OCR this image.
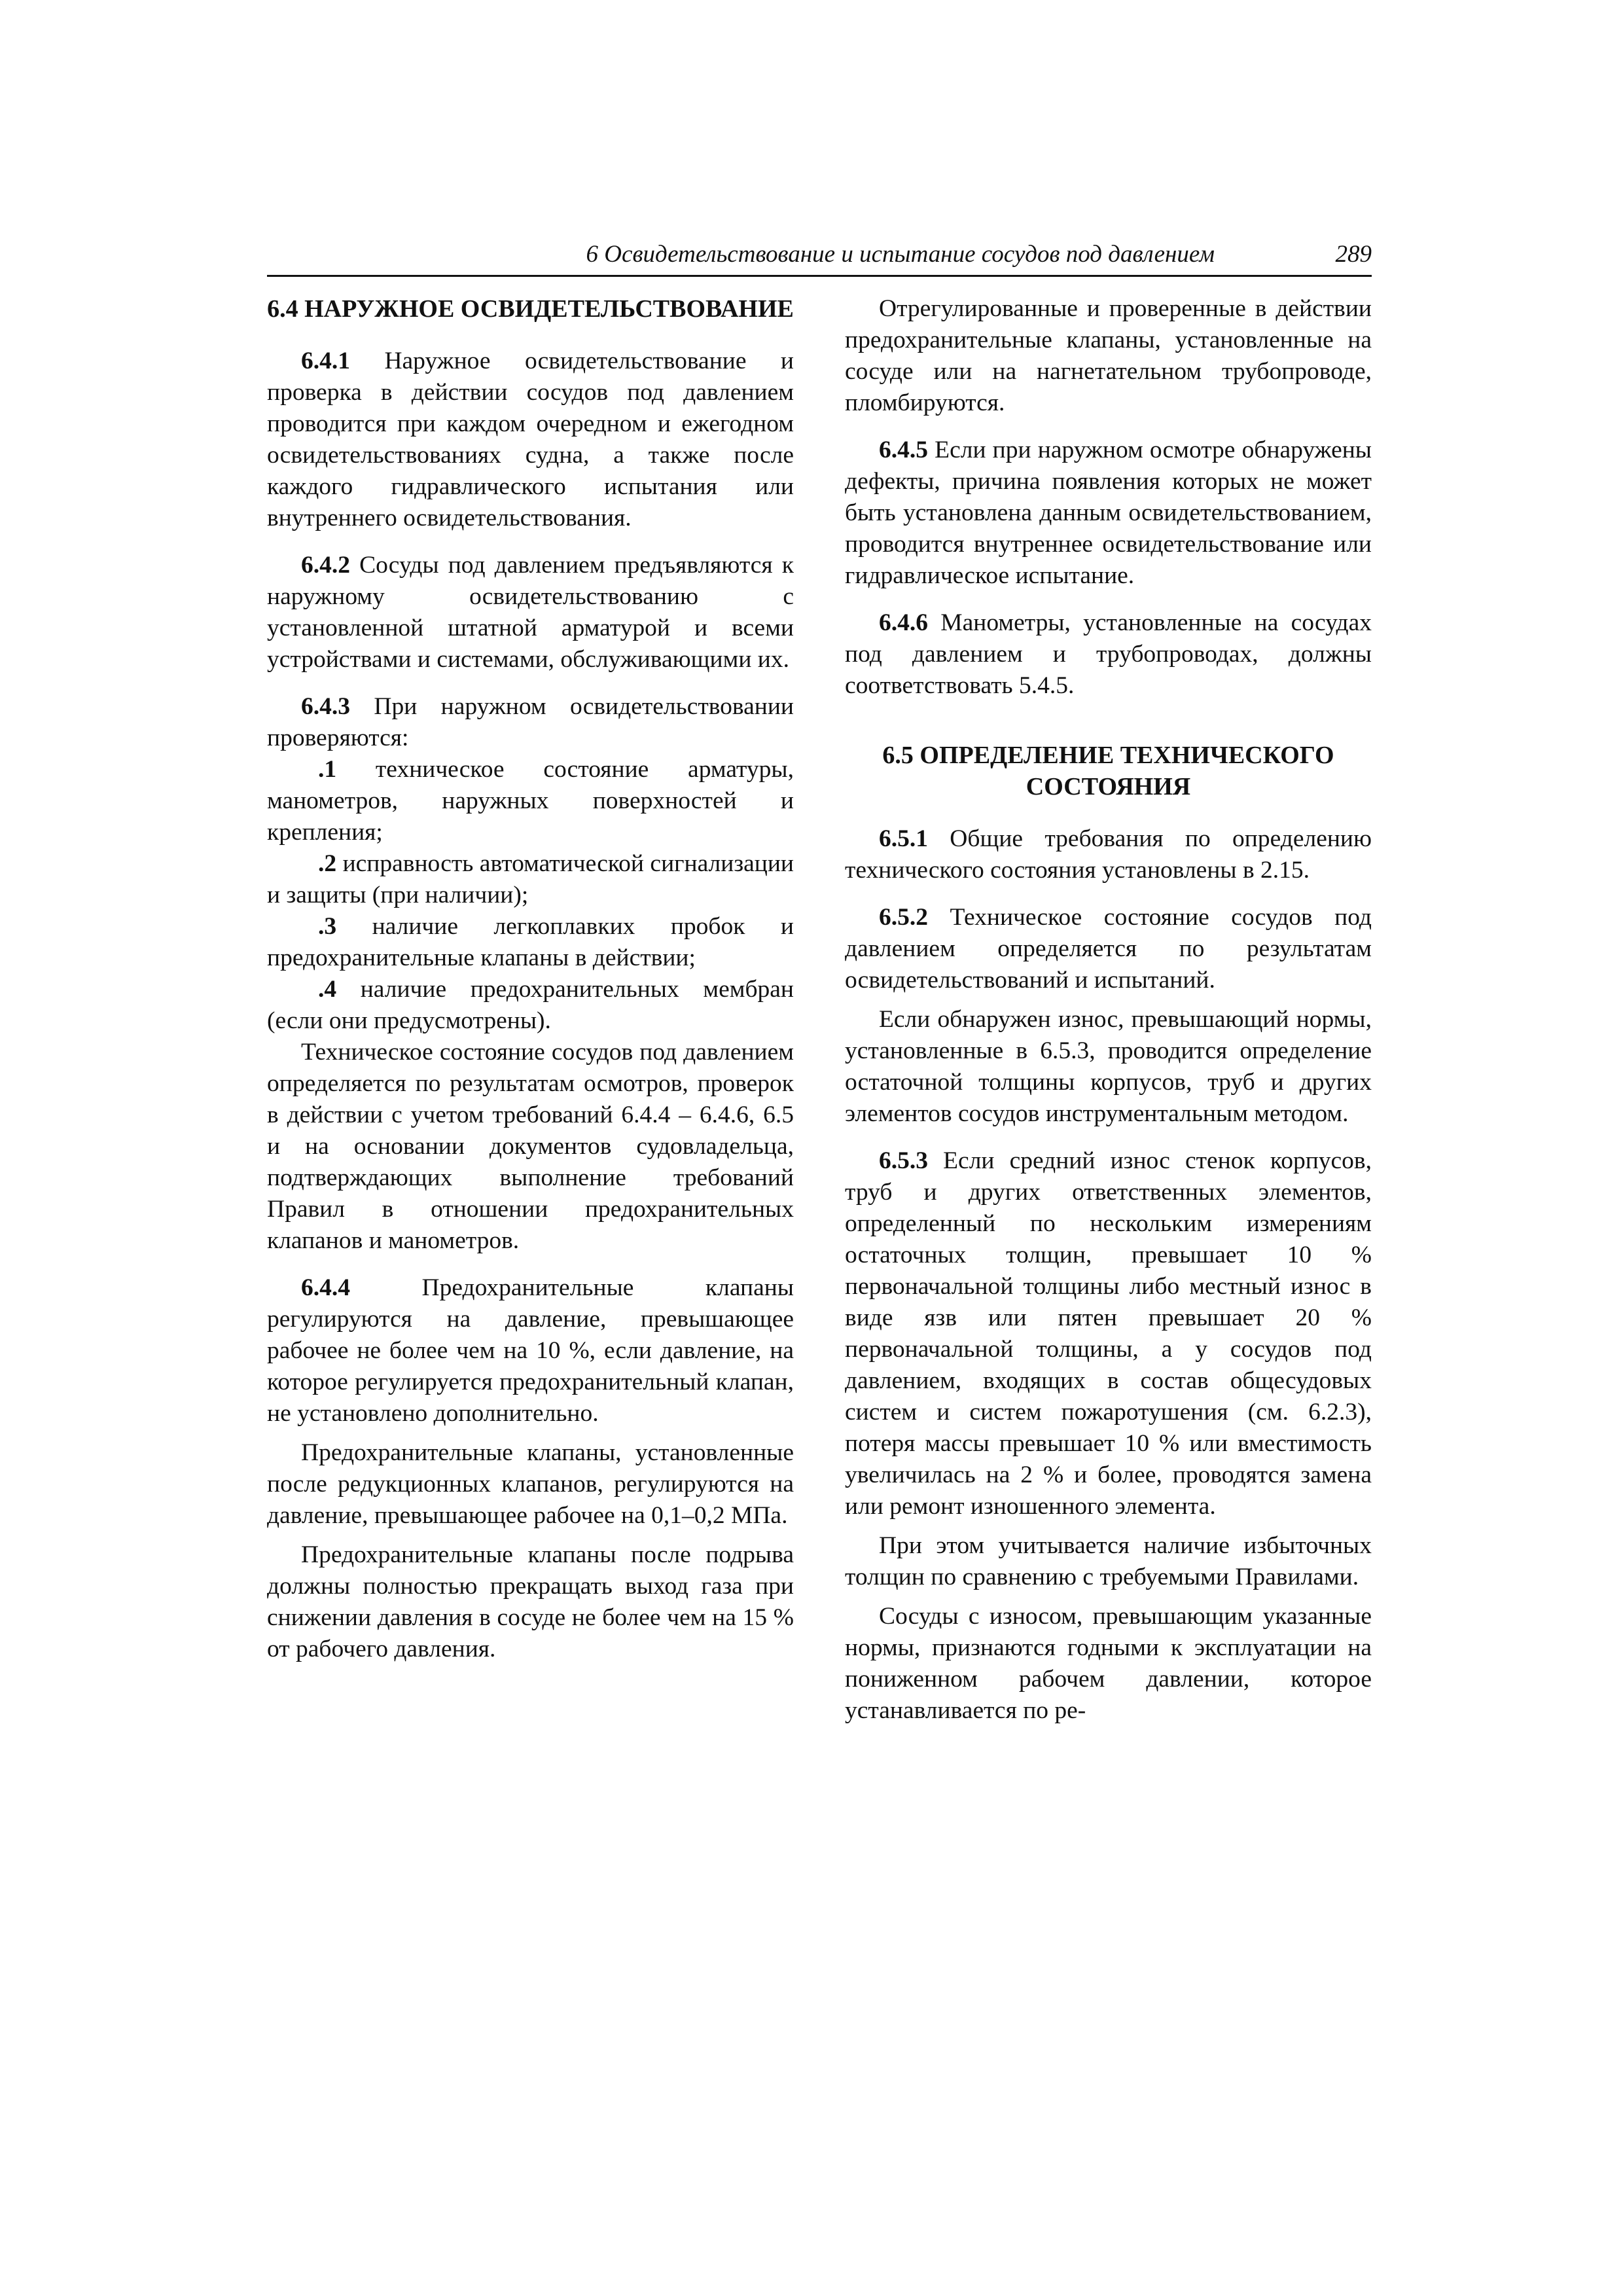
6 Освидетельствование и испытание сосудов под давлением	289
6.4 НАРУЖНОЕ ОСВИДЕТЕЛЬСТВОВАНИЕ

6.4.1 Наружное освидетельствование и проверка в действии сосудов под давлением проводится при каждом очередном и ежегодном освидетельствованиях судна, а также после каждого гидравлического испытания или внутреннего освидетельствования.

6.4.2 Сосуды под давлением предъявляются к наружному освидетельствованию с установленной штатной арматурой и всеми устройствами и системами, обслуживающими их.

6.4.3 При наружном освидетельствовании проверяются:

.1 техническое состояние арматуры, манометров, наружных поверхностей и крепления;

.2 исправность автоматической сигнализации и защиты (при наличии);

.3 наличие легкоплавких пробок и предохранительные клапаны в действии;

.4 наличие предохранительных мембран (если они предусмотрены).

Техническое состояние сосудов под давлением определяется по результатам осмотров, проверок в действии с учетом требований 6.4.4 – 6.4.6, 6.5 и на основании документов судовладельца, подтверждающих выполнение требований Правил в отношении предохранительных клапанов и манометров.

6.4.4 Предохранительные клапаны регулируются на давление, превышающее рабочее не более чем на 10 %, если давление, на которое регулируется предохранительный клапан, не установлено дополнительно.

Предохранительные клапаны, установленные после редукционных клапанов, регулируются на давление, превышающее рабочее на 0,1–0,2 МПа.

Предохранительные клапаны после подрыва должны полностью прекращать выход газа при снижении давления в сосуде не более чем на 15 % от рабочего давления.

Отрегулированные и проверенные в действии предохранительные клапаны, установленные на сосуде или на нагнетательном трубопроводе, пломбируются.

6.4.5 Если при наружном осмотре обнаружены дефекты, причина появления которых не может быть установлена данным освидетельствованием, проводится внутреннее освидетельствование или гидравлическое испытание.

6.4.6 Манометры, установленные на сосудах под давлением и трубопроводах, должны соответствовать 5.4.5.

6.5 ОПРЕДЕЛЕНИЕ ТЕХНИЧЕСКОГО СОСТОЯНИЯ

6.5.1 Общие требования по определению технического состояния установлены в 2.15.

6.5.2 Техническое состояние сосудов под давлением определяется по результатам освидетельствований и испытаний.

Если обнаружен износ, превышающий нормы, установленные в 6.5.3, проводится определение остаточной толщины корпусов, труб и других элементов сосудов инструментальным методом.

6.5.3 Если средний износ стенок корпусов, труб и других ответственных элементов, определенный по нескольким измерениям остаточных толщин, превышает 10 % первоначальной толщины либо местный износ в виде язв или пятен превышает 20 % первоначальной толщины, а у сосудов под давлением, входящих в состав общесудовых систем и систем пожаротушения (см. 6.2.3), потеря массы превышает 10 % или вместимость увеличилась на 2 % и более, проводятся замена или ремонт изношенного элемента.

При этом учитывается наличие избыточных толщин по сравнению с требуемыми Правилами.

Сосуды с износом, превышающим указанные нормы, признаются годными к эксплуатации на пониженном рабочем давлении, которое устанавливается по ре-
